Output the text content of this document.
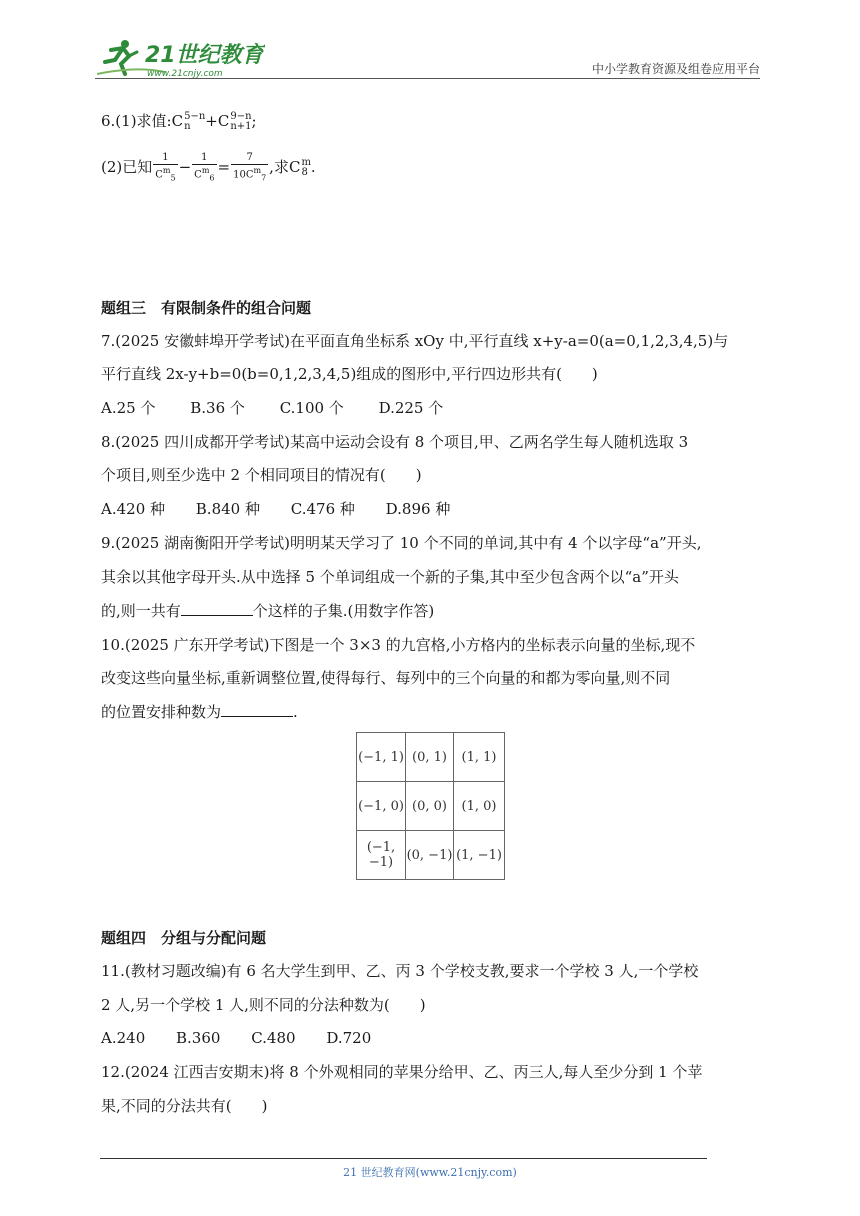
21世纪教育
www.21cnjy.com	中小学教育资源及组卷应用平台
6.(1)求值:C 5−n
n +C 9−n
n+1 ;
(2)已知 $\frac{1}{C^m_5} - \frac{1}{C^m_6} = \frac{7}{10C^m_7}$ ,求C m
8 .
题组三　有限制条件的组合问题
7.(2025 安徽蚌埠开学考试)在平面直角坐标系 xOy 中,平行直线 x+y-a=0(a=0,1,2,3,4,5)与
平行直线 2x-y+b=0(b=0,1,2,3,4,5)组成的图形中,平行四边形共有(　　)
A.25 个 B.36 个 C.100 个 D.225 个
8.(2025 四川成都开学考试)某高中运动会设有 8 个项目,甲、乙两名学生每人随机选取 3
个项目,则至少选中 2 个相同项目的情况有(　　)
A.420 种 B.840 种 C.476 种 D.896 种
9.(2025 湖南衡阳开学考试)明明某天学习了 10 个不同的单词,其中有 4 个以字母“a”开头,
其余以其他字母开头.从中选择 5 个单词组成一个新的子集,其中至少包含两个以“a”开头
的,则一共有	个这样的子集.(用数字作答)
10.(2025 广东开学考试)下图是一个 3×3 的九宫格,小方格内的坐标表示向量的坐标,现不
改变这些向量坐标,重新调整位置,使得每行、每列中的三个向量的和都为零向量,则不同
的位置安排种数为	.
(−1, 1)	(0, 1)	(1, 1)
(−1, 0)	(0, 0)	(1, 0)
(−1, −1)	(0, −1)	(1, −1)
题组四　分组与分配问题
11.(教材习题改编)有 6 名大学生到甲、乙、丙 3 个学校支教,要求一个学校 3 人,一个学校
2 人,另一个学校 1 人,则不同的分法种数为(　　)
A.240 B.360 C.480 D.720
12.(2024 江西吉安期末)将 8 个外观相同的苹果分给甲、乙、丙三人,每人至少分到 1 个苹
果,不同的分法共有(　　)
21 世纪教育网(www.21cnjy.com)
